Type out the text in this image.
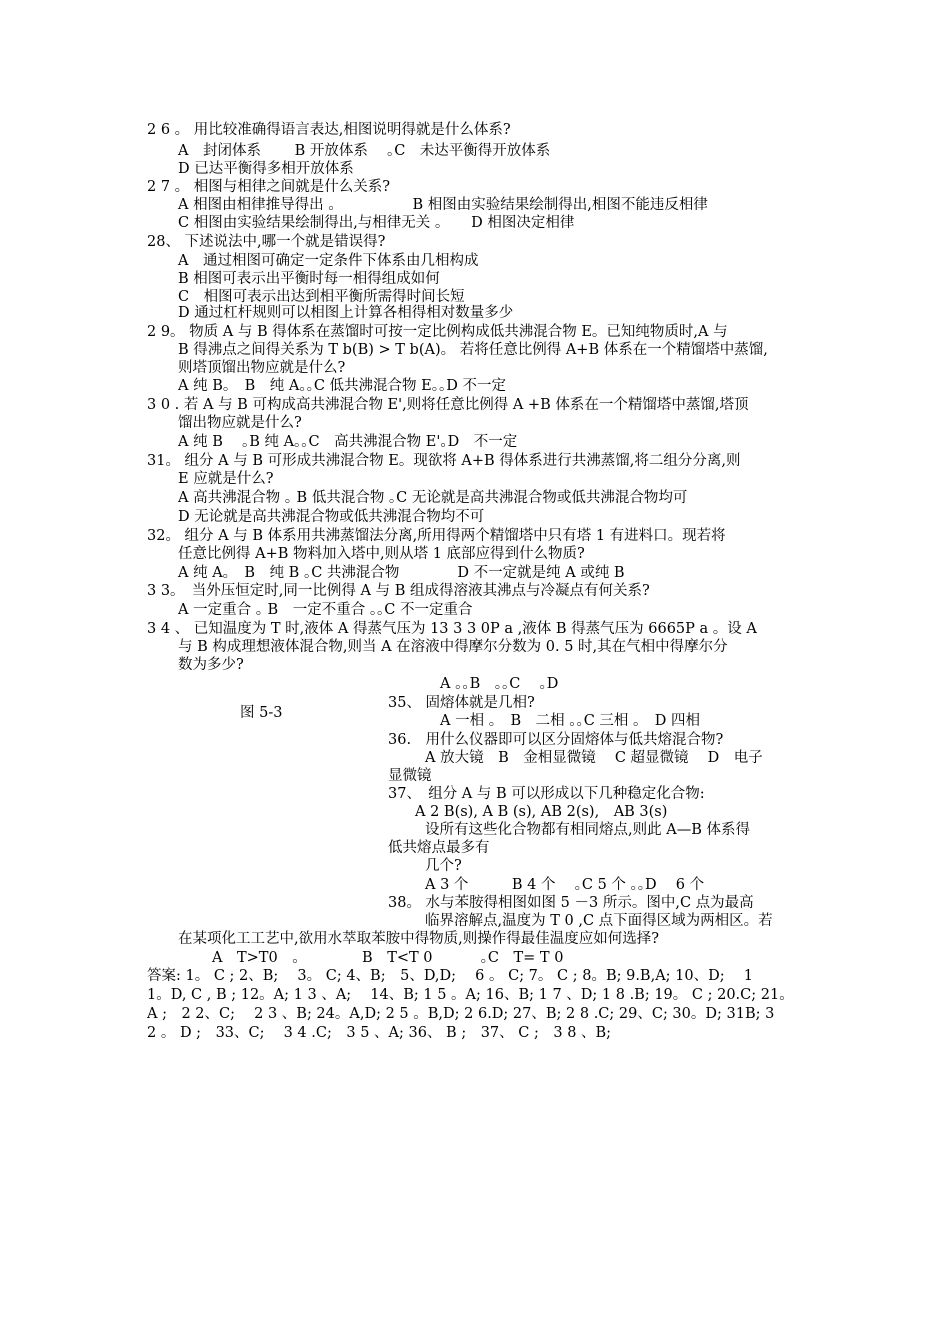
2 6 。 用比较准确得语言表达,相图说明得就是什么体系?
A　封闭体系　　 B 开放体系　 ｡C　未达平衡得开放体系
D 已达平衡得多相开放体系
2 7 。 相图与相律之间就是什么关系?
A 相图由相律推导得出 ｡　　　　　 B 相图由实验结果绘制得出,相图不能违反相律
C 相图由实验结果绘制得出,与相律无关 ｡　　D 相图决定相律
28、 下述说法中,哪一个就是错误得?
A　通过相图可确定一定条件下体系由几相构成
B 相图可表示出平衡时每一相得组成如何
C　相图可表示出达到相平衡所需得时间长短
D 通过杠杆规则可以相图上计算各相得相对数量多少
2 9。 物质 A 与 B 得体系在蒸馏时可按一定比例构成低共沸混合物 E。已知纯物质时,A 与
B 得沸点之间得关系为 T b(B) > T b(A)。 若将任意比例得 A+B 体系在一个精馏塔中蒸馏,
则塔顶馏出物应就是什么?
A 纯 B｡　B　纯 A｡｡C 低共沸混合物 E｡｡D 不一定
3 0 . 若 A 与 B 可构成高共沸混合物 E',则将任意比例得 A +B 体系在一个精馏塔中蒸馏,塔顶
馏出物应就是什么?
A 纯 B　 ｡B 纯 A｡｡C　高共沸混合物 E'｡D　不一定
31。 组分 A 与 B 可形成共沸混合物 E。现欲将 A+B 得体系进行共沸蒸馏,将二组分分离,则
E 应就是什么?
A 高共沸混合物 ｡ B 低共混合物 ｡C 无论就是高共沸混合物或低共沸混合物均可
D 无论就是高共沸混合物或低共沸混合物均不可
32。 组分 A 与 B 体系用共沸蒸馏法分离,所用得两个精馏塔中只有塔 1 有进料口。现若将
任意比例得 A+B 物料加入塔中,则从塔 1 底部应得到什么物质?
A 纯 A｡　B　纯 B ｡C 共沸混合物　　　　D 不一定就是纯 A 或纯 B
3 3。　当外压恒定时,同一比例得 A 与 B 组成得溶液其沸点与冷凝点有何关系?
A 一定重合 ｡ B　一定不重合 ｡｡C 不一定重合
3 4 、 已知温度为 T 时,液体 A 得蒸气压为 13 3 3 0P a ,液体 B 得蒸气压为 6665P a 。设 A
与 B 构成理想液体混合物,则当 A 在溶液中得摩尔分数为 0. 5 时,其在气相中得摩尔分
数为多少?
A ｡｡B　｡｡C　 ｡D
图 5-3
35、 固熔体就是几相?
A 一相 ｡　B　二相 ｡｡C 三相 ｡　D 四相
36.　用什么仪器即可以区分固熔体与低共熔混合物?
A 放大镜　B　金相显微镜　 C 超显微镜　 D　电子
显微镜
37、　组分 A 与 B 可以形成以下几种稳定化合物:
A 2 B(s), A B (s), AB 2(s),　AB 3(s)
设所有这些化合物都有相同熔点,则此 A—B 体系得
低共熔点最多有
几个?
A 3 个　　　B 4 个　 ｡C 5 个 ｡｡D　 6 个
38。 水与苯胺得相图如图 5 －3 所示。图中,C 点为最高
临界溶解点,温度为 T 0 ,C 点下面得区域为两相区。若
在某项化工工艺中,欲用水萃取苯胺中得物质,则操作得最佳温度应如何选择?
A　T>T0　｡　　　　 B　T<T 0　　　 ｡C　T= T 0
答案: 1。 C ; 2、B;　 3。 C; 4、B;　5、D,D;　 6 。 C; 7。 C ; 8。B; 9.B,A; 10、D;　 1
1。D, C , B ; 12。A; 1 3 、A;　 14、B; 1 5 。A; 16、B; 1 7 、D; 1 8 .B; 19。 C ; 20.C; 21。
A ;　2 2、C;　 2 3 、B; 24。A,D; 2 5 。B,D; 2 6.D; 27、B; 2 8 .C; 29、C; 30。D; 31B; 3
2 。 D ;　33、C;　 3 4 .C;　3 5 、A; 36、 B ;　37、 C ;　3 8 、B;
